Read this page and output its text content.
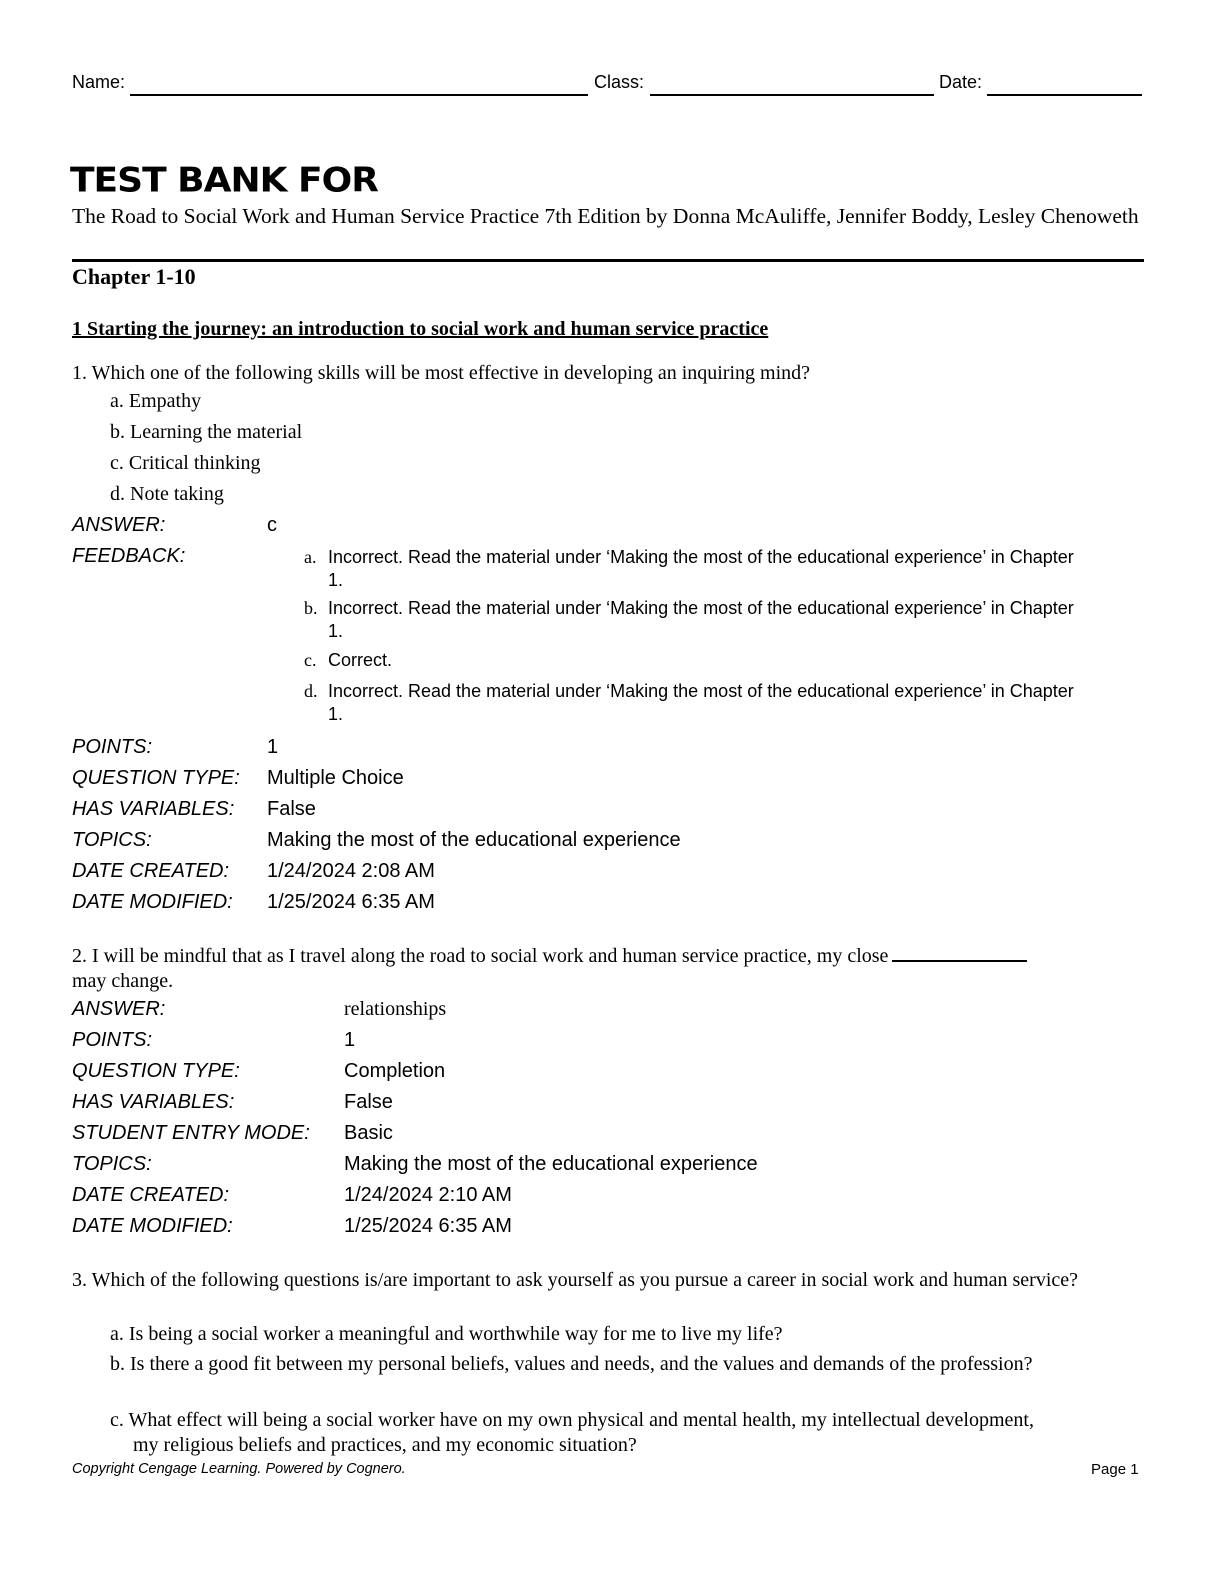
Name:	Class:	Date:
TEST BANK FOR
The Road to Social Work and Human Service Practice 7th Edition by Donna McAuliffe, Jennifer Boddy, Lesley Chenoweth
Chapter 1-10
1 Starting the journey: an introduction to social work and human service practice
1. Which one of the following skills will be most effective in developing an inquiring mind?
a. Empathy
b. Learning the material
c. Critical thinking
d. Note taking
ANSWER:	c
FEEDBACK:	a. Incorrect. Read the material under ‘Making the most of the educational experience’ in Chapter 1.
b. Incorrect. Read the material under ‘Making the most of the educational experience’ in Chapter 1.
c. Correct.
d. Incorrect. Read the material under ‘Making the most of the educational experience’ in Chapter 1.
POINTS:	1
QUESTION TYPE: Multiple Choice
HAS VARIABLES: False
TOPICS:	Making the most of the educational experience
DATE CREATED: 1/24/2024 2:08 AM
DATE MODIFIED: 1/25/2024 6:35 AM
2. I will be mindful that as I travel along the road to social work and human service practice, my close
may change.
ANSWER:	relationships
POINTS:	1
QUESTION TYPE:	Completion
HAS VARIABLES:	False
STUDENT ENTRY MODE: Basic
TOPICS:	Making the most of the educational experience
DATE CREATED:	1/24/2024 2:10 AM
DATE MODIFIED:	1/25/2024 6:35 AM
3. Which of the following questions is/are important to ask yourself as you pursue a career in social work and human service?
a. Is being a social worker a meaningful and worthwhile way for me to live my life?
b. Is there a good fit between my personal beliefs, values and needs, and the values and demands of the profession?
c. What effect will being a social worker have on my own physical and mental health, my intellectual development, my religious beliefs and practices, and my economic situation?
Copyright Cengage Learning. Powered by Cognero.	Page 1
